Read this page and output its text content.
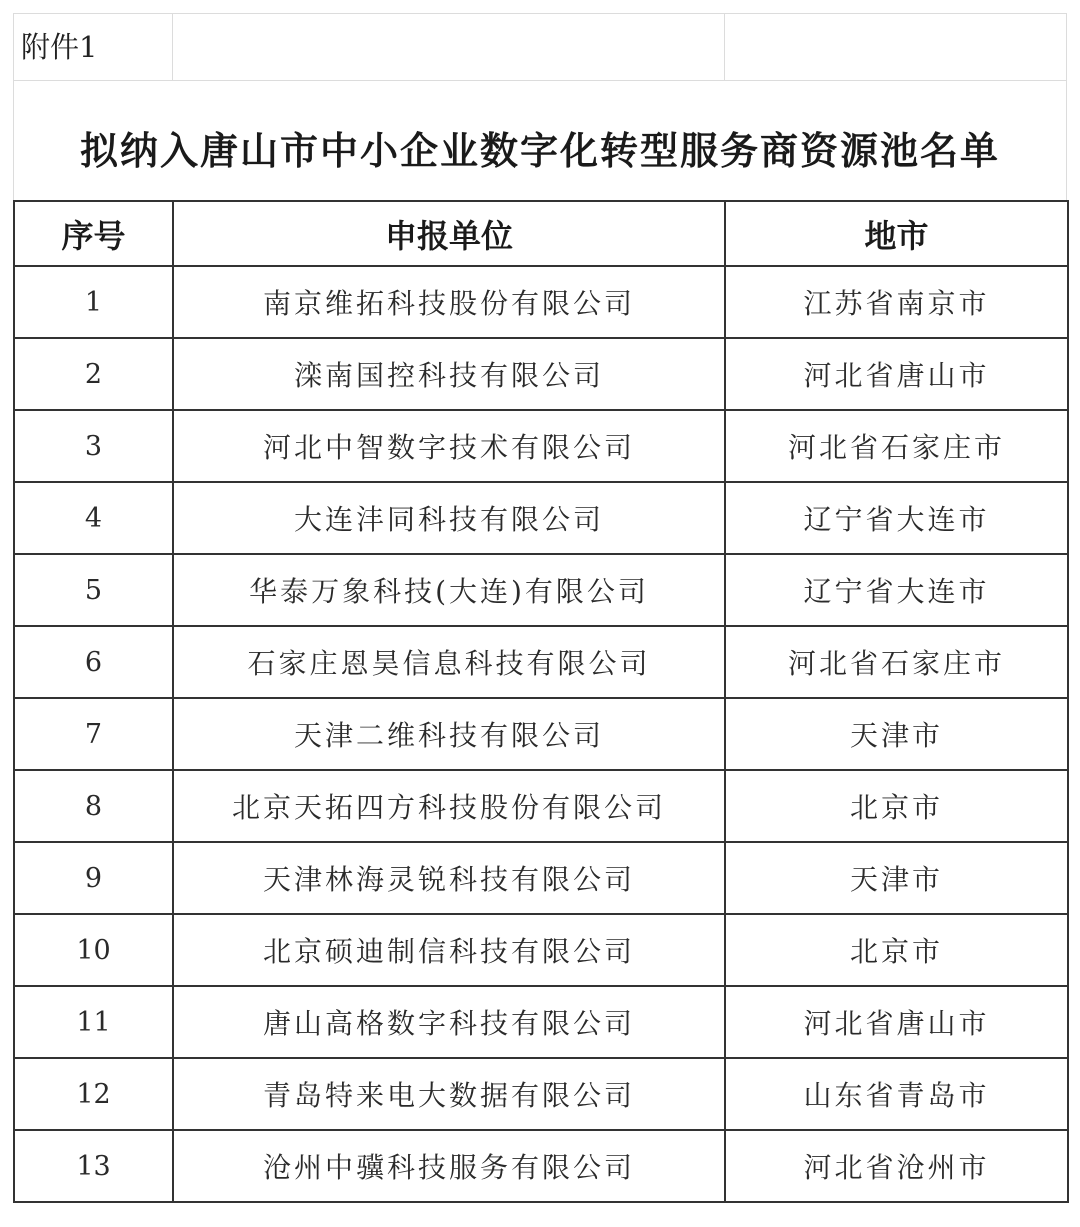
附件1
拟纳入唐山市中小企业数字化转型服务商资源池名单
序号	申报单位	地市
1	南京维拓科技股份有限公司	江苏省南京市
2	滦南国控科技有限公司	河北省唐山市
3	河北中智数字技术有限公司	河北省石家庄市
4	大连沣同科技有限公司	辽宁省大连市
5	华泰万象科技(大连)有限公司	辽宁省大连市
6	石家庄恩昊信息科技有限公司	河北省石家庄市
7	天津二维科技有限公司	天津市
8	北京天拓四方科技股份有限公司	北京市
9	天津林海灵锐科技有限公司	天津市
10	北京硕迪制信科技有限公司	北京市
11	唐山高格数字科技有限公司	河北省唐山市
12	青岛特来电大数据有限公司	山东省青岛市
13	沧州中骥科技服务有限公司	河北省沧州市
